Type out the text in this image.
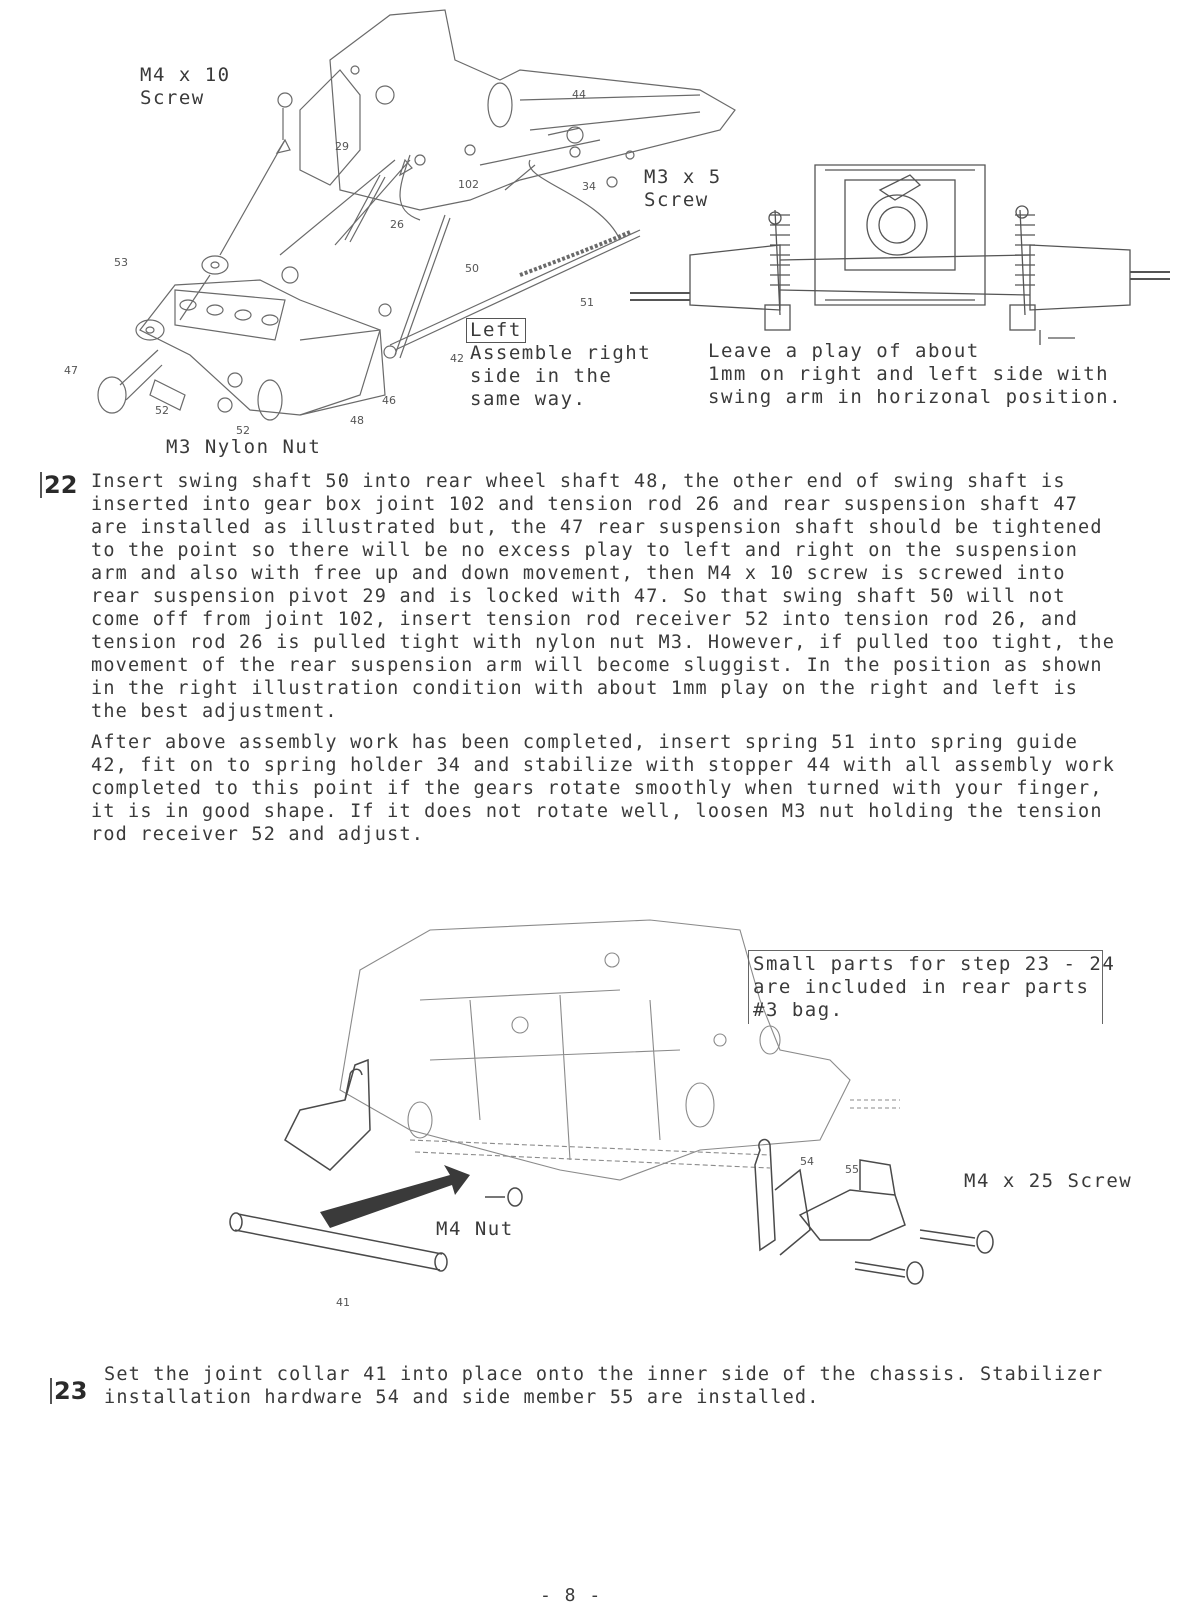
M4 x 10
Screw
M3 x 5
Screw
M3 Nylon Nut
Left
Assemble right
side in the
same way.
Leave a play of about
1mm on right and left side with
swing arm in horizonal position.
44
29
102	34
26
53	50
51
47
42
46
52
48
52
22 Insert swing shaft 50 into rear wheel shaft 48, the other end of swing shaft is inserted into gear box joint 102 and tension rod 26 and rear suspension shaft 47 are installed as illustrated but, the 47 rear suspension shaft should be tightened to the point so there will be no excess play to left and right on the suspension arm and also with free up and down movement, then M4 x 10 screw is screwed into rear suspension pivot 29 and is locked with 47. So that swing shaft 50 will not come off from joint 102, insert tension rod receiver 52 into tension rod 26, and tension rod 26 is pulled tight with nylon nut M3. However, if pulled too tight, the movement of the rear suspension arm will become sluggist. In the position as shown in the right illustration condition with about 1mm play on the right and left is the best adjustment.

After above assembly work has been completed, insert spring 51 into spring guide 42, fit on to spring holder 34 and stabilize with stopper 44 with all assembly work completed to this point if the gears rotate smoothly when turned with your finger, it is in good shape. If it does not rotate well, loosen M3 nut holding the tension rod receiver 52 and adjust.

Small parts for step 23 - 24
are included in rear parts
#3 bag.
M4 x 25 Screw
M4 Nut
41
54
55
23
Set the joint collar 41 into place onto the inner side of the chassis. Stabilizer installation hardware 54 and side member 55 are installed.
- 8 -
